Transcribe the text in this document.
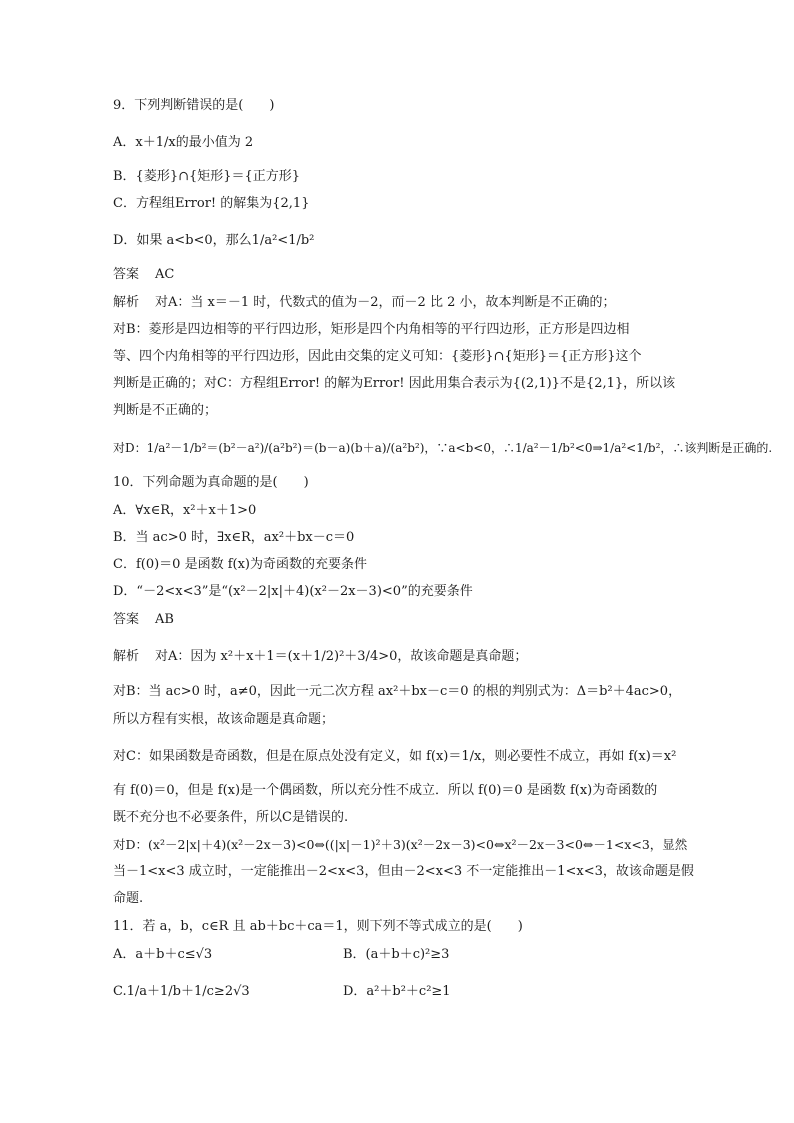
9．下列判断错误的是(　　)
A．x＋1/x的最小值为 2
B．{菱形}∩{矩形}＝{正方形}
C．方程组Error! 的解集为{2,1}
D．如果 a<b<0，那么1/a²<1/b²
答案 AC
解析 对A：当 x＝－1 时，代数式的值为－2，而－2 比 2 小，故本判断是不正确的；
对B：菱形是四边相等的平行四边形，矩形是四个内角相等的平行四边形，正方形是四边相
等、四个内角相等的平行四边形，因此由交集的定义可知：{菱形}∩{矩形}＝{正方形}这个
判断是正确的；对C：方程组Error! 的解为Error! 因此用集合表示为{(2,1)}不是{2,1}，所以该
判断是不正确的；
对D：1/a²－1/b²＝(b²－a²)/(a²b²)＝(b－a)(b＋a)/(a²b²)，∵a<b<0，∴1/a²－1/b²<0⇒1/a²<1/b²，∴该判断是正确的.
10．下列命题为真命题的是(　　)
A．∀x∈R，x²＋x＋1>0
B．当 ac>0 时，∃x∈R，ax²＋bx－c＝0
C．f(0)＝0 是函数 f(x)为奇函数的充要条件
D．“－2<x<3”是“(x²－2|x|＋4)(x²－2x－3)<0”的充要条件
答案 AB
解析 对A：因为 x²＋x＋1＝(x＋1/2)²＋3/4>0，故该命题是真命题；
对B：当 ac>0 时，a≠0，因此一元二次方程 ax²＋bx－c＝0 的根的判别式为：Δ＝b²＋4ac>0，
所以方程有实根，故该命题是真命题；
对C：如果函数是奇函数，但是在原点处没有定义，如 f(x)＝1/x，则必要性不成立，再如 f(x)＝x²
有 f(0)＝0，但是 f(x)是一个偶函数，所以充分性不成立．所以 f(0)＝0 是函数 f(x)为奇函数的
既不充分也不必要条件，所以C是错误的.
对D：(x²－2|x|＋4)(x²－2x－3)<0⇔((|x|－1)²＋3)(x²－2x－3)<0⇔x²－2x－3<0⇔－1<x<3，显然
当－1<x<3 成立时，一定能推出－2<x<3，但由－2<x<3 不一定能推出－1<x<3，故该命题是假
命题.
11．若 a，b，c∈R 且 ab＋bc＋ca＝1，则下列不等式成立的是(　　)
A．a＋b＋c≤√3	B．(a＋b＋c)²≥3
C.1/a＋1/b＋1/c≥2√3	D．a²＋b²＋c²≥1
